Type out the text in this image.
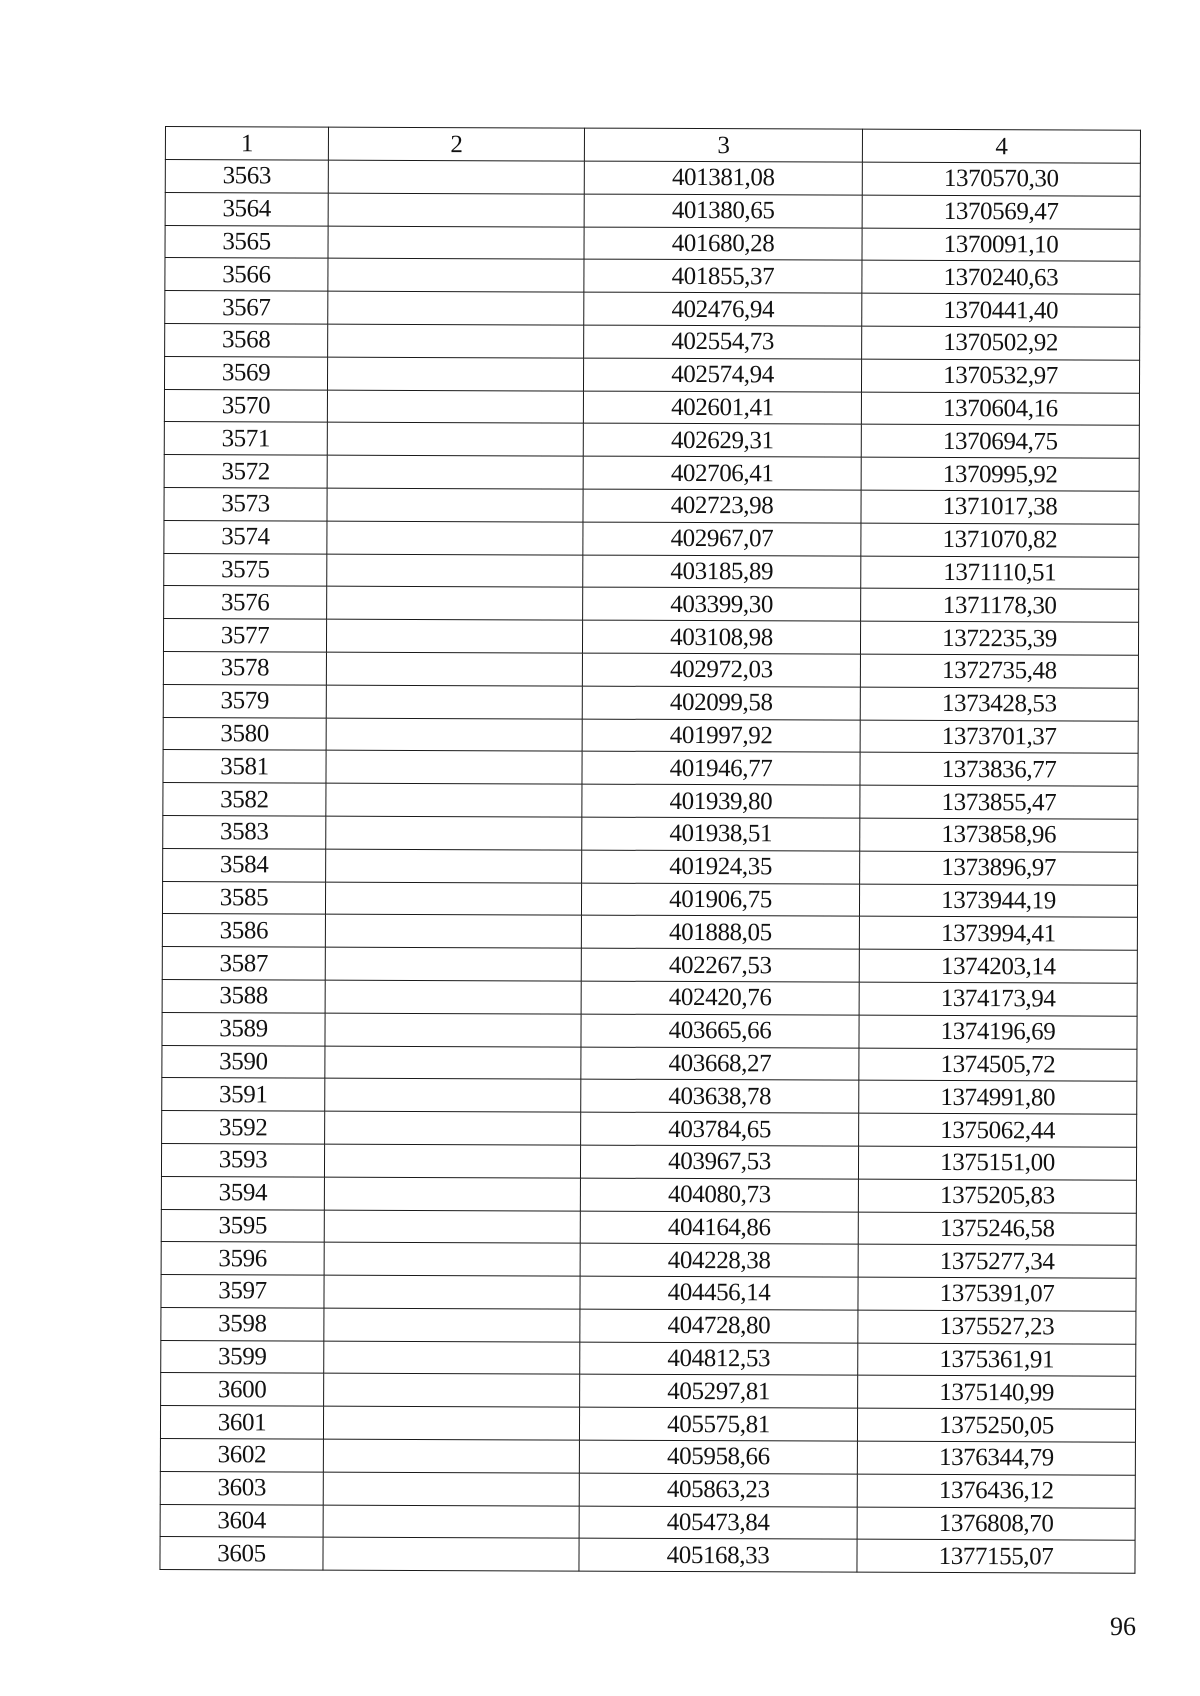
1	2	3	4
3563		401381,08	1370570,30
3564		401380,65	1370569,47
3565		401680,28	1370091,10
3566		401855,37	1370240,63
3567		402476,94	1370441,40
3568		402554,73	1370502,92
3569		402574,94	1370532,97
3570		402601,41	1370604,16
3571		402629,31	1370694,75
3572		402706,41	1370995,92
3573		402723,98	1371017,38
3574		402967,07	1371070,82
3575		403185,89	1371110,51
3576		403399,30	1371178,30
3577		403108,98	1372235,39
3578		402972,03	1372735,48
3579		402099,58	1373428,53
3580		401997,92	1373701,37
3581		401946,77	1373836,77
3582		401939,80	1373855,47
3583		401938,51	1373858,96
3584		401924,35	1373896,97
3585		401906,75	1373944,19
3586		401888,05	1373994,41
3587		402267,53	1374203,14
3588		402420,76	1374173,94
3589		403665,66	1374196,69
3590		403668,27	1374505,72
3591		403638,78	1374991,80
3592		403784,65	1375062,44
3593		403967,53	1375151,00
3594		404080,73	1375205,83
3595		404164,86	1375246,58
3596		404228,38	1375277,34
3597		404456,14	1375391,07
3598		404728,80	1375527,23
3599		404812,53	1375361,91
3600		405297,81	1375140,99
3601		405575,81	1375250,05
3602		405958,66	1376344,79
3603		405863,23	1376436,12
3604		405473,84	1376808,70
3605		405168,33	1377155,07
96
